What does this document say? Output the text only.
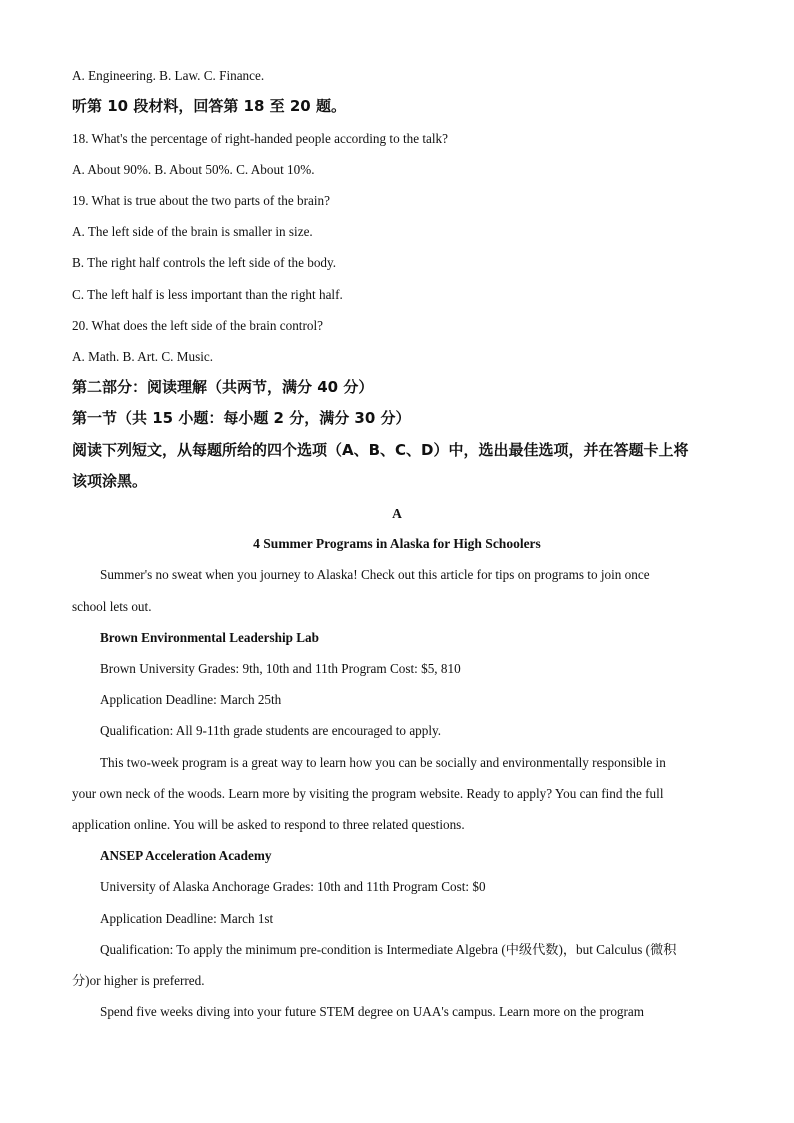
A. Engineering. B. Law. C. Finance.
听第 10 段材料，回答第 18 至 20 题。
18. What's the percentage of right-handed people according to the talk?
A. About 90%. B. About 50%. C. About 10%.
19. What is true about the two parts of the brain?
A. The left side of the brain is smaller in size.
B. The right half controls the left side of the body.
C. The left half is less important than the right half.
20. What does the left side of the brain control?
A. Math. B. Art. C. Music.
第二部分：阅读理解（共两节，满分 40 分）
第一节（共 15 小题：每小题 2 分，满分 30 分）
阅读下列短文，从每题所给的四个选项（A、B、C、D）中，选出最佳选项，并在答题卡上将
该项涂黑。
A
4 Summer Programs in Alaska for High Schoolers
Summer's no sweat when you journey to Alaska! Check out this article for tips on programs to join once
school lets out.
Brown Environmental Leadership Lab
Brown University Grades: 9th, 10th and 11th Program Cost: $5, 810
Application Deadline: March 25th
Qualification: All 9-11th grade students are encouraged to apply.
This two-week program is a great way to learn how you can be socially and environmentally responsible in
your own neck of the woods. Learn more by visiting the program website. Ready to apply? You can find the full
application online. You will be asked to respond to three related questions.
ANSEP Acceleration Academy
University of Alaska Anchorage Grades: 10th and 11th Program Cost: $0
Application Deadline: March 1st
Qualification: To apply the minimum pre-condition is Intermediate Algebra (中级代数)，but Calculus (微积
分)or higher is preferred.
Spend five weeks diving into your future STEM degree on UAA's campus. Learn more on the program
